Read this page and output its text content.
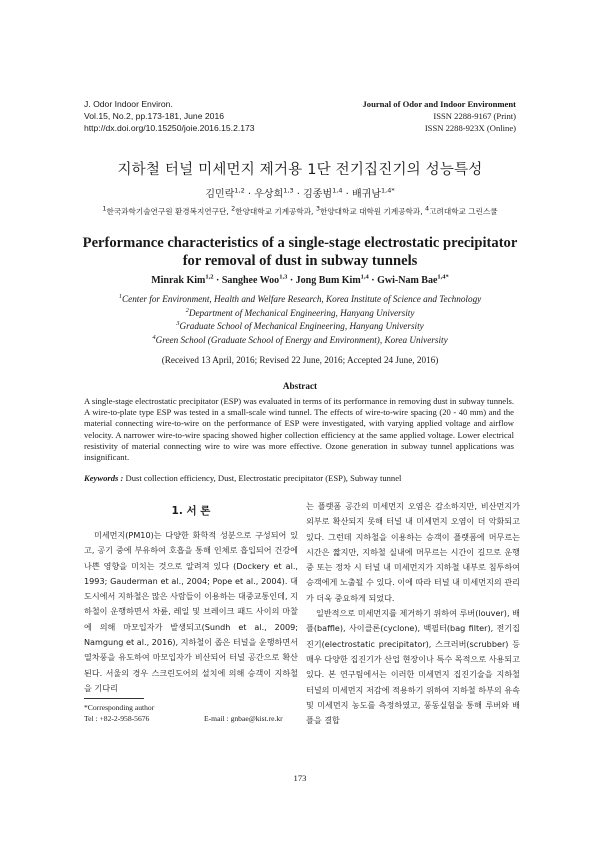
J. Odor Indoor Environ.
Vol.15, No.2, pp.173-181, June 2016
http://dx.doi.org/10.15250/joie.2016.15.2.173
Journal of Odor and Indoor Environment
ISSN 2288-9167 (Print)
ISSN 2288-923X (Online)
지하철 터널 미세먼지 제거용 1단 전기집진기의 성능특성
김민락$^{1,2}$ · 우상희$^{1,3}$ · 김종범$^{1,4}$ · 배귀남$^{1,4*}$
$^1$한국과학기술연구원 환경복지연구단, $^2$한양대학교 기계공학과, $^3$한양대학교 대학원 기계공학과, $^4$고려대학교 그린스쿨
Performance characteristics of a single-stage electrostatic precipitator
for removal of dust in subway tunnels
Minrak Kim$^{1,2}$ · Sanghee Woo$^{1,3}$ · Jong Bum Kim$^{1,4}$ · Gwi-Nam Bae$^{1,4*}$
$^1$Center for Environment, Health and Welfare Research, Korea Institute of Science and Technology
$^2$Department of Mechanical Engineering, Hanyang University
$^3$Graduate School of Mechanical Engineering, Hanyang University
$^4$Green School (Graduate School of Energy and Environment), Korea University
(Received 13 April, 2016; Revised 22 June, 2016; Accepted 24 June, 2016)
Abstract
A single-stage electrostatic precipitator (ESP) was evaluated in terms of its performance in removing dust in subway tunnels. A wire-to-plate type ESP was tested in a small-scale wind tunnel. The effects of wire-to-wire spacing (20 - 40 mm) and the material connecting wire-to-wire on the performance of ESP were investigated, with varying applied voltage and airflow velocity. A narrower wire-to-wire spacing showed higher collection efficiency at the same applied voltage. Lower electrical resistivity of material connecting wire to wire was more effective. Ozone generation in subway tunnel applications was insignificant.
Keywords : Dust collection efficiency, Dust, Electrostatic precipitator (ESP), Subway tunnel
1. 서 론

미세먼지(PM10)는 다양한 화학적 성분으로 구성되어 있고, 공기 중에 부유하여 호흡을 통해 인체로 흡입되어 건강에 나쁜 영향을 미치는 것으로 알려져 있다 (Dockery et al., 1993; Gauderman et al., 2004; Pope et al., 2004). 대도시에서 지하철은 많은 사람들이 이용하는 대중교통인데, 지하철이 운행하면서 차륜, 레일 및 브레이크 패드 사이의 마찰에 의해 마모입자가 발생되고(Sundh et al., 2009; Namgung et al., 2016), 지하철이 좁은 터널을 운행하면서 열차풍을 유도하여 마모입자가 비산되어 터널 공간으로 확산된다. 서울의 경우 스크린도어의 설치에 의해 승객이 지하철을 기다리

는 플랫폼 공간의 미세먼지 오염은 감소하지만, 비산먼지가 외부로 확산되지 못해 터널 내 미세먼지 오염이 더 악화되고 있다. 그런데 지하철을 이용하는 승객이 플랫폼에 머무르는 시간은 짧지만, 지하철 실내에 머무르는 시간이 길므로 운행 중 또는 정차 시 터널 내 미세먼지가 지하철 내부로 침투하여 승객에게 노출될 수 있다. 이에 따라 터널 내 미세먼지의 관리가 더욱 중요하게 되었다.

일반적으로 미세먼지를 제거하기 위하여 루버(louver), 배플(baffle), 사이클론(cyclone), 백필터(bag filter), 전기집진기(electrostatic precipitator), 스크러버(scrubber) 등 매우 다양한 집진기가 산업 현장이나 특수 목적으로 사용되고 있다. 본 연구팀에서는 이러한 미세먼지 집진기술을 지하철 터널의 미세먼지 저감에 적용하기 위하여 지하철 하부의 유속 및 미세먼지 농도를 측정하였고, 풍동실험을 통해 루버와 배플을 결합

*Corresponding author
Tel : +82-2-958-5676	E-mail : gnbae@kist.re.kr
173
